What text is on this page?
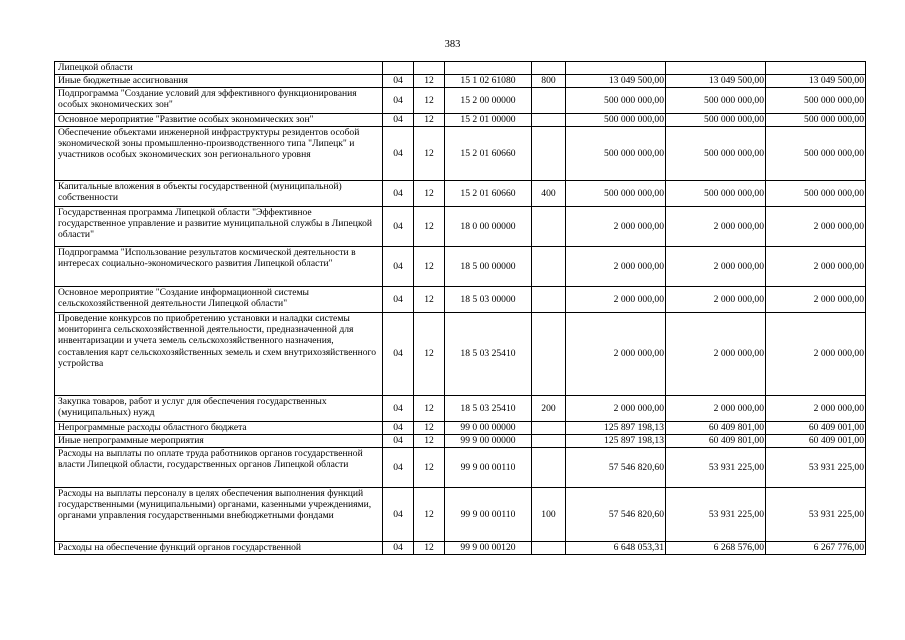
383
Липецкой области							
Иные бюджетные ассигнования	04	12	15 1 02 61080	800	13 049 500,00	13 049 500,00	13 049 500,00
Подпрограмма "Создание условий для эффективного функционирования особых экономических зон"	04	12	15 2 00 00000		500 000 000,00	500 000 000,00	500 000 000,00
Основное мероприятие "Развитие особых экономических зон"	04	12	15 2 01 00000		500 000 000,00	500 000 000,00	500 000 000,00
Обеспечение объектами инженерной инфраструктуры резидентов особой экономической зоны промышленно-производственного типа "Липецк" и участников особых экономических зон регионального уровня	04	12	15 2 01 60660		500 000 000,00	500 000 000,00	500 000 000,00
Капитальные вложения в объекты государственной (муниципальной) собственности	04	12	15 2 01 60660	400	500 000 000,00	500 000 000,00	500 000 000,00
Государственная программа Липецкой области "Эффективное государственное управление и развитие муниципальной службы в Липецкой области"	04	12	18 0 00 00000		2 000 000,00	2 000 000,00	2 000 000,00
Подпрограмма "Использование результатов космической деятельности в интересах социально-экономического развития Липецкой области"	04	12	18 5 00 00000		2 000 000,00	2 000 000,00	2 000 000,00
Основное мероприятие "Создание информационной системы сельскохозяйственной деятельности Липецкой области"	04	12	18 5 03 00000		2 000 000,00	2 000 000,00	2 000 000,00
Проведение конкурсов по приобретению установки и наладки системы мониторинга сельскохозяйственной деятельности, предназначенной для инвентаризации и учета земель сельскохозяйственного назначения, составления карт сельскохозяйственных земель и схем внутрихозяйственного устройства	04	12	18 5 03 25410		2 000 000,00	2 000 000,00	2 000 000,00
Закупка товаров, работ и услуг для обеспечения государственных (муниципальных) нужд	04	12	18 5 03 25410	200	2 000 000,00	2 000 000,00	2 000 000,00
Непрограммные расходы областного бюджета	04	12	99 0 00 00000		125 897 198,13	60 409 801,00	60 409 001,00
Иные непрограммные мероприятия	04	12	99 9 00 00000		125 897 198,13	60 409 801,00	60 409 001,00
Расходы на выплаты по оплате труда работников органов государственной власти Липецкой области, государственных органов Липецкой области	04	12	99 9 00 00110		57 546 820,60	53 931 225,00	53 931 225,00
Расходы на выплаты персоналу в целях обеспечения выполнения функций государственными (муниципальными) органами, казенными учреждениями, органами управления государственными внебюджетными фондами	04	12	99 9 00 00110	100	57 546 820,60	53 931 225,00	53 931 225,00
Расходы на обеспечение функций органов государственной	04	12	99 9 00 00120		6 648 053,31	6 268 576,00	6 267 776,00
